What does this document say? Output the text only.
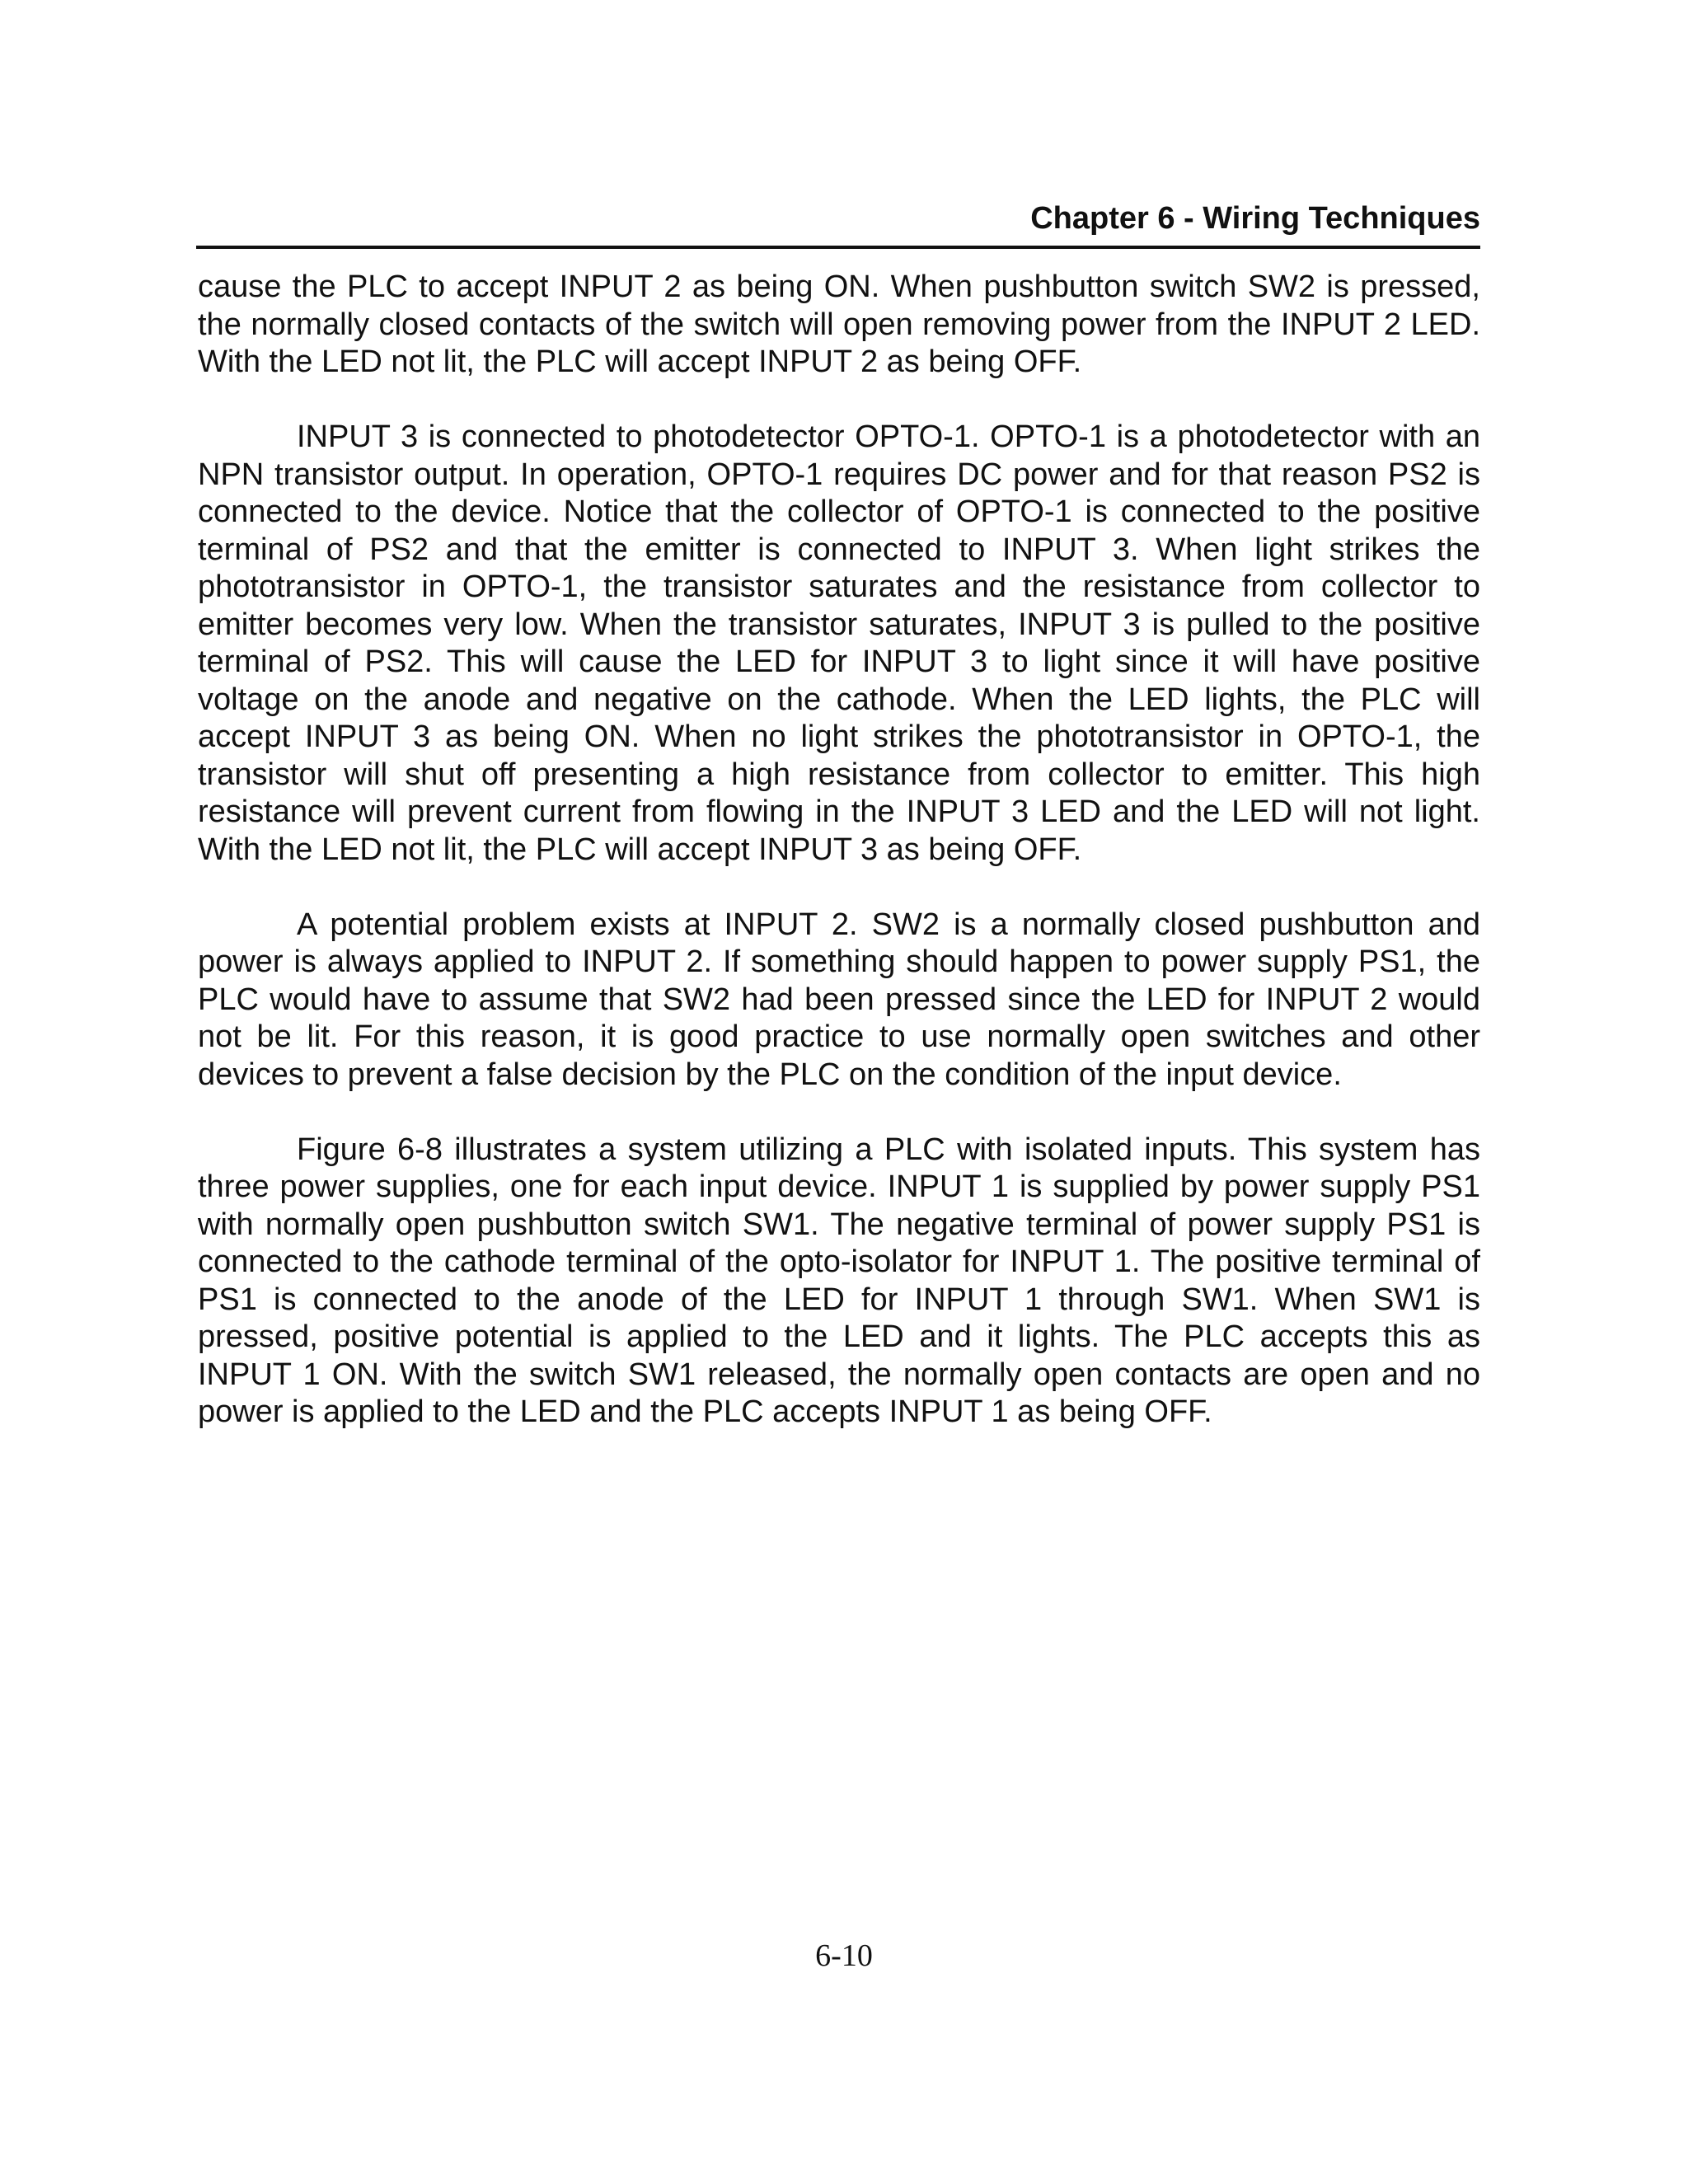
Chapter 6 - Wiring Techniques

cause the PLC to accept INPUT 2 as being ON. When pushbutton switch SW2 is pressed, the normally closed contacts of the switch will open removing power from the INPUT 2 LED. With the LED not lit, the PLC will accept INPUT 2 as being OFF.

INPUT 3 is connected to photodetector OPTO-1. OPTO-1 is a photodetector with an NPN transistor output. In operation, OPTO-1 requires DC power and for that reason PS2 is connected to the device. Notice that the collector of OPTO-1 is connected to the positive terminal of PS2 and that the emitter is connected to INPUT 3. When light strikes the phototransistor in OPTO-1, the transistor saturates and the resistance from collector to emitter becomes very low. When the transistor saturates, INPUT 3 is pulled to the positive terminal of PS2. This will cause the LED for INPUT 3 to light since it will have positive voltage on the anode and negative on the cathode. When the LED lights, the PLC will accept INPUT 3 as being ON. When no light strikes the phototransistor in OPTO-1, the transistor will shut off presenting a high resistance from collector to emitter. This high resistance will prevent current from flowing in the INPUT 3 LED and the LED will not light. With the LED not lit, the PLC will accept INPUT 3 as being OFF.

A potential problem exists at INPUT 2. SW2 is a normally closed pushbutton and power is always applied to INPUT 2. If something should happen to power supply PS1, the PLC would have to assume that SW2 had been pressed since the LED for INPUT 2 would not be lit. For this reason, it is good practice to use normally open switches and other devices to prevent a false decision by the PLC on the condition of the input device.

Figure 6-8 illustrates a system utilizing a PLC with isolated inputs. This system has three power supplies, one for each input device. INPUT 1 is supplied by power supply PS1 with normally open pushbutton switch SW1. The negative terminal of power supply PS1 is connected to the cathode terminal of the opto-isolator for INPUT 1. The positive terminal of PS1 is connected to the anode of the LED for INPUT 1 through SW1. When SW1 is pressed, positive potential is applied to the LED and it lights. The PLC accepts this as INPUT 1 ON. With the switch SW1 released, the normally open contacts are open and no power is applied to the LED and the PLC accepts INPUT 1 as being OFF.

6-10
